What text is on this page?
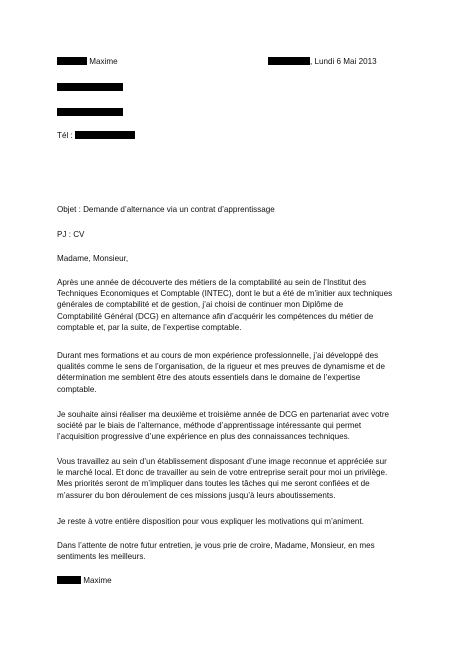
Maxime	, Lundi 6 Mai 2013
Tél :
Objet : Demande d’alternance via un contrat d’apprentissage
PJ : CV
Madame, Monsieur,
Après une année de découverte des métiers de la comptabilité au sein de l’Institut des
Techniques Economiques et Comptable (INTEC), dont le but a été de m’initier aux techniques
générales de comptabilité et de gestion, j’ai choisi de continuer mon Diplôme de
Comptabilité Général (DCG) en alternance afin d’acquérir les compétences du métier de
comptable et, par la suite, de l’expertise comptable.
Durant mes formations et au cours de mon expérience professionnelle, j’ai développé des
qualités comme le sens de l’organisation, de la rigueur et mes preuves de dynamisme et de
détermination me semblent être des atouts essentiels dans le domaine de l’expertise
comptable.
Je souhaite ainsi réaliser ma deuxième et troisième année de DCG en partenariat avec votre
société par le biais de l’alternance, méthode d’apprentissage intéressante qui permet
l’acquisition progressive d’une expérience en plus des connaissances techniques.
Vous travaillez au sein d’un établissement disposant d’une image reconnue et appréciée sur
le marché local. Et donc de travailler au sein de votre entreprise serait pour moi un privilège.
Mes priorités seront de m’impliquer dans toutes les tâches qui me seront confiées et de
m’assurer du bon déroulement de ces missions jusqu’à leurs aboutissements.
Je reste à votre entière disposition pour vous expliquer les motivations qui m’animent.
Dans l’attente de notre futur entretien, je vous prie de croire, Madame, Monsieur, en mes
sentiments les meilleurs.
Maxime
